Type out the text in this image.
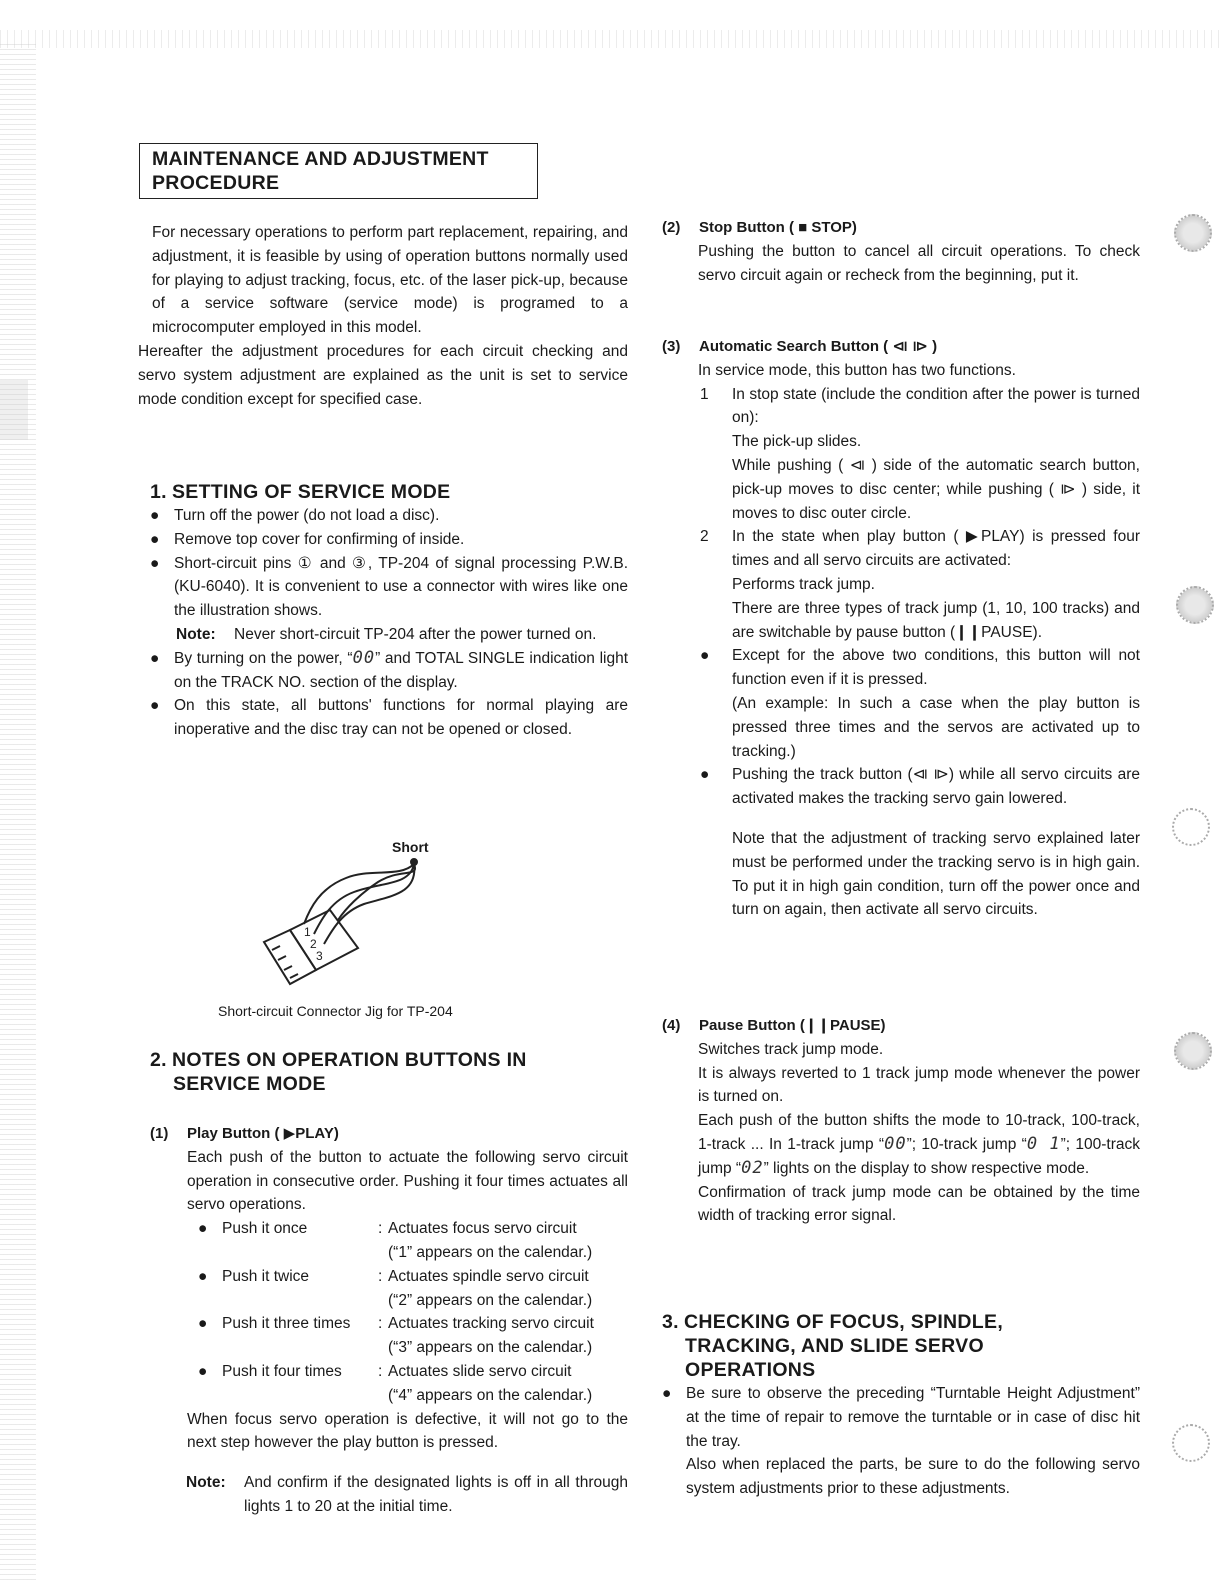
MAINTENANCE AND ADJUSTMENT
PROCEDURE

For necessary operations to perform part replacement, repairing, and adjustment, it is feasible by using of operation buttons normally used for playing to adjust tracking, focus, etc. of the laser pick-up, because of a service software (service mode) is programed to a microcomputer employed in this model.

Hereafter the adjustment procedures for each circuit checking and servo system adjustment are explained as the unit is set to service mode condition except for specified case.

1. SETTING OF SERVICE MODE

● Turn off the power (do not load a disc).

● Remove top cover for confirming of inside.

● Short-circuit pins ① and ③, TP-204 of signal processing P.W.B. (KU-6040). It is convenient to use a connector with wires like one the illustration shows.

Note: Never short-circuit TP-204 after the power turned on.

● By turning on the power, “00” and TOTAL SINGLE indication light on the TRACK NO. section of the display.

● On this state, all buttons' functions for normal playing are inoperative and the disc tray can not be opened or closed.

Short
1
2
3
Short-circuit Connector Jig for TP-204
2. NOTES ON OPERATION BUTTONS IN
SERVICE MODE

(1) Play Button ( ▶PLAY)

Each push of the button to actuate the following servo circuit operation in consecutive order. Pushing it four times actuates all servo operations.

● Push it once	: Actuates focus servo circuit
(“1” appears on the calendar.)
● Push it twice	: Actuates spindle servo circuit
(“2” appears on the calendar.)
● Push it three times : Actuates tracking servo circuit
(“3” appears on the calendar.)
● Push it four times : Actuates slide servo circuit
(“4” appears on the calendar.)

When focus servo operation is defective, it will not go to the next step however the play button is pressed.

Note: And confirm if the designated lights is off in all through lights 1 to 20 at the initial time.

(2) Stop Button ( ■ STOP)

Pushing the button to cancel all circuit operations. To check servo circuit again or recheck from the beginning, put it.

(3) Automatic Search Button ( ⧏ ⧐ )

In service mode, this button has two functions.

1 In stop state (include the condition after the power is turned on):

The pick-up slides.

While pushing ( ⧏ ) side of the automatic search button, pick-up moves to disc center; while pushing ( ⧐ ) side, it moves to disc outer circle.

2 In the state when play button ( ▶PLAY) is pressed four times and all servo circuits are activated:

Performs track jump.

There are three types of track jump (1, 10, 100 tracks) and are switchable by pause button (❙❙PAUSE).

● Except for the above two conditions, this button will not function even if it is pressed.
(An example: In such a case when the play button is pressed three times and the servos are activated up to tracking.)

● Pushing the track button (⧏ ⧐) while all servo circuits are activated makes the tracking servo gain lowered.

Note that the adjustment of tracking servo explained later must be performed under the tracking servo is in high gain. To put it in high gain condition, turn off the power once and turn on again, then activate all servo circuits.

(4) Pause Button (❙❙PAUSE)

Switches track jump mode.

It is always reverted to 1 track jump mode whenever the power is turned on.

Each push of the button shifts the mode to 10-track, 100-track, 1-track ... In 1-track jump “00”; 10-track jump “0 1”; 100-track jump “02” lights on the display to show respective mode.

Confirmation of track jump mode can be obtained by the time width of tracking error signal.

3. CHECKING OF FOCUS, SPINDLE,
TRACKING, AND SLIDE SERVO
OPERATIONS

● Be sure to observe the preceding “Turntable Height Adjustment” at the time of repair to remove the turntable or in case of disc hit the tray.
Also when replaced the parts, be sure to do the following servo system adjustments prior to these adjustments.
